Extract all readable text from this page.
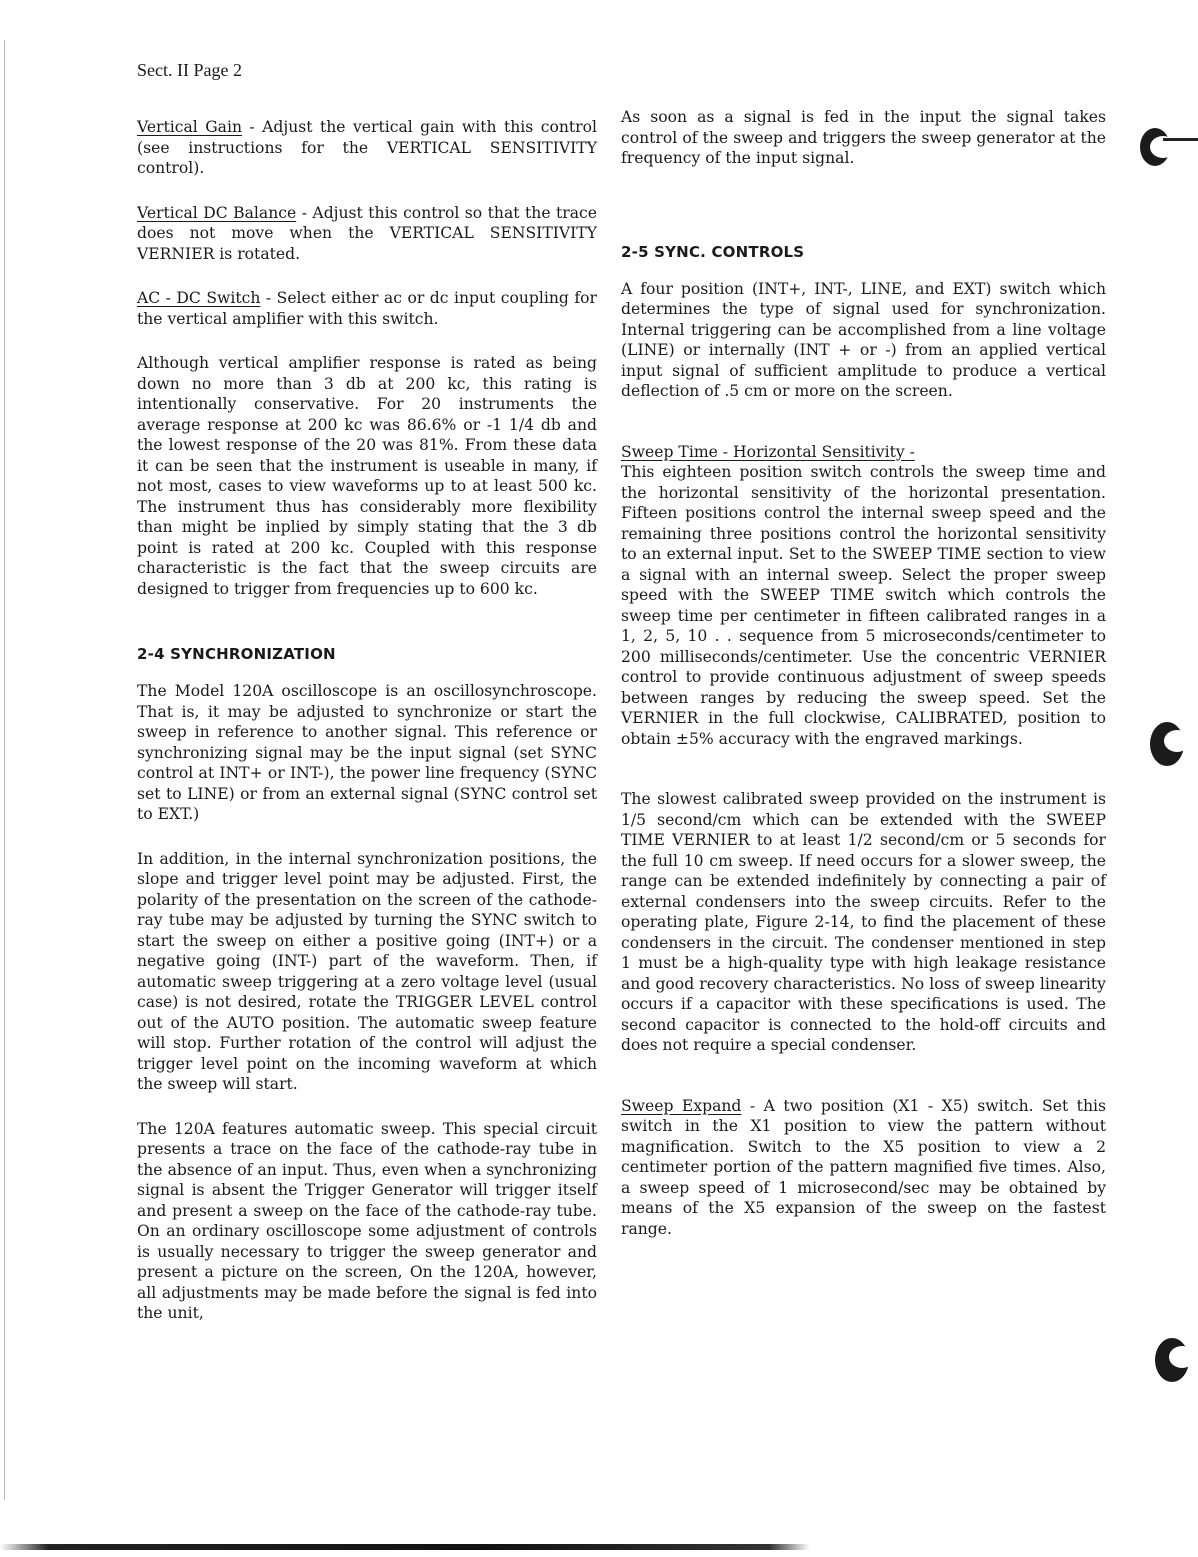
Sect. II Page 2

Vertical Gain - Adjust the vertical gain with this control (see instructions for the VERTICAL SENSITIVITY control).

Vertical DC Balance - Adjust this control so that the trace does not move when the VERTICAL SENSITIVITY VERNIER is rotated.

AC - DC Switch - Select either ac or dc input coupling for the vertical amplifier with this switch.

Although vertical amplifier response is rated as being down no more than 3 db at 200 kc, this rating is intentionally conservative. For 20 instruments the average response at 200 kc was 86.6% or -1 1/4 db and the lowest response of the 20 was 81%. From these data it can be seen that the instrument is useable in many, if not most, cases to view waveforms up to at least 500 kc. The instrument thus has considerably more flexibility than might be inplied by simply stating that the 3 db point is rated at 200 kc. Coupled with this response characteristic is the fact that the sweep circuits are designed to trigger from frequencies up to 600 kc.

2-4 SYNCHRONIZATION

The Model 120A oscilloscope is an oscillosynchroscope. That is, it may be adjusted to synchronize or start the sweep in reference to another signal. This reference or synchronizing signal may be the input signal (set SYNC control at INT+ or INT-), the power line frequency (SYNC set to LINE) or from an external signal (SYNC control set to EXT.)

In addition, in the internal synchronization positions, the slope and trigger level point may be adjusted. First, the polarity of the presentation on the screen of the cathode-ray tube may be adjusted by turning the SYNC switch to start the sweep on either a positive going (INT+) or a negative going (INT-) part of the waveform. Then, if automatic sweep triggering at a zero voltage level (usual case) is not desired, rotate the TRIGGER LEVEL control out of the AUTO position. The automatic sweep feature will stop. Further rotation of the control will adjust the trigger level point on the incoming waveform at which the sweep will start.

The 120A features automatic sweep. This special circuit presents a trace on the face of the cathode-ray tube in the absence of an input. Thus, even when a synchronizing signal is absent the Trigger Generator will trigger itself and present a sweep on the face of the cathode-ray tube. On an ordinary oscilloscope some adjustment of controls is usually necessary to trigger the sweep generator and present a picture on the screen, On the 120A, however, all adjustments may be made before the signal is fed into the unit,

As soon as a signal is fed in the input the signal takes control of the sweep and triggers the sweep generator at the frequency of the input signal.

2-5 SYNC. CONTROLS

A four position (INT+, INT-, LINE, and EXT) switch which determines the type of signal used for synchronization. Internal triggering can be accomplished from a line voltage (LINE) or internally (INT + or -) from an applied vertical input signal of sufficient amplitude to produce a vertical deflection of .5 cm or more on the screen.

Sweep Time - Horizontal Sensitivity -
This eighteen position switch controls the sweep time and the horizontal sensitivity of the horizontal presentation. Fifteen positions control the internal sweep speed and the remaining three positions control the horizontal sensitivity to an external input. Set to the SWEEP TIME section to view a signal with an internal sweep. Select the proper sweep speed with the SWEEP TIME switch which controls the sweep time per centimeter in fifteen calibrated ranges in a 1, 2, 5, 10 . . sequence from 5 microseconds/centimeter to 200 milliseconds/centimeter. Use the concentric VERNIER control to provide continuous adjustment of sweep speeds between ranges by reducing the sweep speed. Set the VERNIER in the full clockwise, CALIBRATED, position to obtain ±5% accuracy with the engraved markings.

The slowest calibrated sweep provided on the instrument is 1/5 second/cm which can be extended with the SWEEP TIME VERNIER to at least 1/2 second/cm or 5 seconds for the full 10 cm sweep. If need occurs for a slower sweep, the range can be extended indefinitely by connecting a pair of external condensers into the sweep circuits. Refer to the operating plate, Figure 2-14, to find the placement of these condensers in the circuit. The condenser mentioned in step 1 must be a high-quality type with high leakage resistance and good recovery characteristics. No loss of sweep linearity occurs if a capacitor with these specifications is used. The second capacitor is connected to the hold-off circuits and does not require a special condenser.

Sweep Expand - A two position (X1 - X5) switch. Set this switch in the X1 position to view the pattern without magnification. Switch to the X5 position to view a 2 centimeter portion of the pattern magnified five times. Also, a sweep speed of 1 microsecond/sec may be obtained by means of the X5 expansion of the sweep on the fastest range.
